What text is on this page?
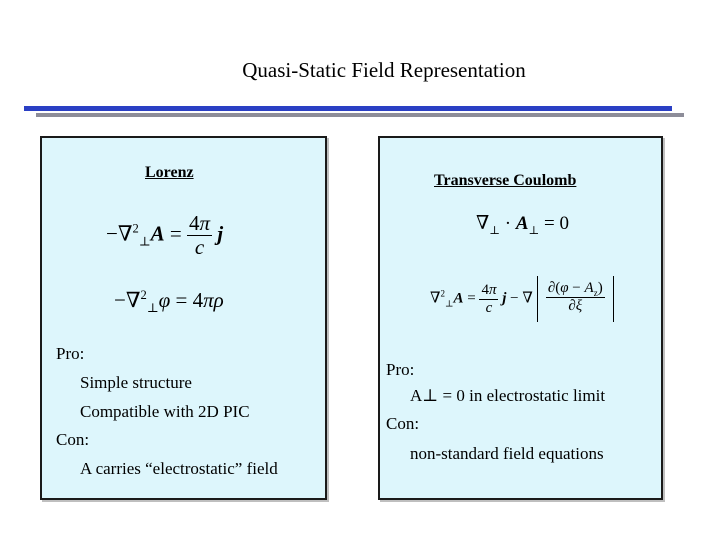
Quasi-Static Field Representation
Lorenz
$-\nabla^2_\perp A = \frac{4\pi}{c}$ j
−∇$^2_\perp$φ = 4πρ
Pro:
Simple structure
Compatible with 2D PIC
Con:
A carries “electrostatic” field
Transverse Coulomb
$\nabla_\perp \cdot A_\perp = 0$
$\nabla^2_\perp A = \frac{4\pi}{c}$ j − ∇ $\frac{\partial(\varphi - A_z)}{\partial\xi}$
Pro:
A⊥ = 0 in electrostatic limit
Con:
non-standard field equations
